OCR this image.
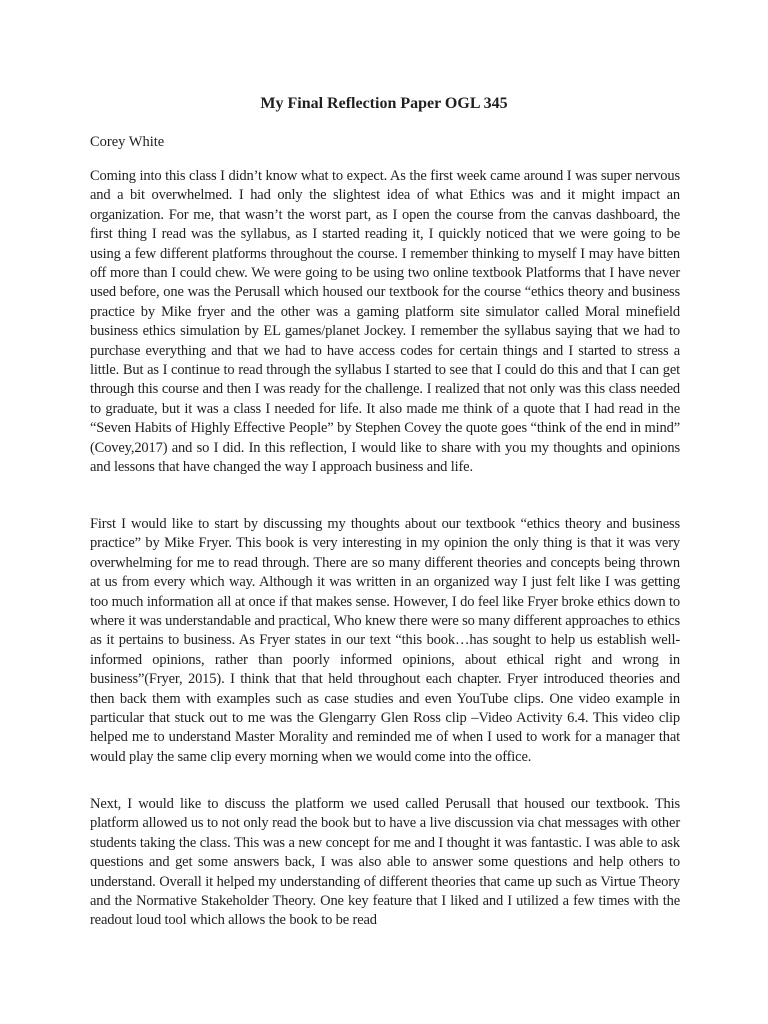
My Final Reflection Paper OGL 345

Corey White

Coming into this class I didn’t know what to expect. As the first week came around I was super nervous and a bit overwhelmed. I had only the slightest idea of what Ethics was and it might impact an organization. For me, that wasn’t the worst part, as I open the course from the canvas dashboard, the first thing I read was the syllabus, as I started reading it, I quickly noticed that we were going to be using a few different platforms throughout the course. I remember thinking to myself I may have bitten off more than I could chew. We were going to be using two online textbook Platforms that I have never used before, one was the Perusall which housed our textbook for the course “ethics theory and business practice by Mike fryer and the other was a gaming platform site simulator called Moral minefield business ethics simulation by EL games/planet Jockey. I remember the syllabus saying that we had to purchase everything and that we had to have access codes for certain things and I started to stress a little. But as I continue to read through the syllabus I started to see that I could do this and that I can get through this course and then I was ready for the challenge. I realized that not only was this class needed to graduate, but it was a class I needed for life. It also made me think of a quote that I had read in the “Seven Habits of Highly Effective People” by Stephen Covey the quote goes “think of the end in mind” (Covey,2017) and so I did. In this reflection, I would like to share with you my thoughts and opinions and lessons that have changed the way I approach business and life.

First I would like to start by discussing my thoughts about our textbook “ethics theory and business practice” by Mike Fryer. This book is very interesting in my opinion the only thing is that it was very overwhelming for me to read through. There are so many different theories and concepts being thrown at us from every which way. Although it was written in an organized way I just felt like I was getting too much information all at once if that makes sense. However, I do feel like Fryer broke ethics down to where it was understandable and practical, Who knew there were so many different approaches to ethics as it pertains to business. As Fryer states in our text “this book…has sought to help us establish well-informed opinions, rather than poorly informed opinions, about ethical right and wrong in business”(Fryer, 2015). I think that that held throughout each chapter. Fryer introduced theories and then back them with examples such as case studies and even YouTube clips. One video example in particular that stuck out to me was the Glengarry Glen Ross clip –Video Activity 6.4. This video clip helped me to understand Master Morality and reminded me of when I used to work for a manager that would play the same clip every morning when we would come into the office.

Next, I would like to discuss the platform we used called Perusall that housed our textbook. This platform allowed us to not only read the book but to have a live discussion via chat messages with other students taking the class. This was a new concept for me and I thought it was fantastic. I was able to ask questions and get some answers back, I was also able to answer some questions and help others to understand. Overall it helped my understanding of different theories that came up such as Virtue Theory and the Normative Stakeholder Theory. One key feature that I liked and I utilized a few times with the readout loud tool which allows the book to be read
